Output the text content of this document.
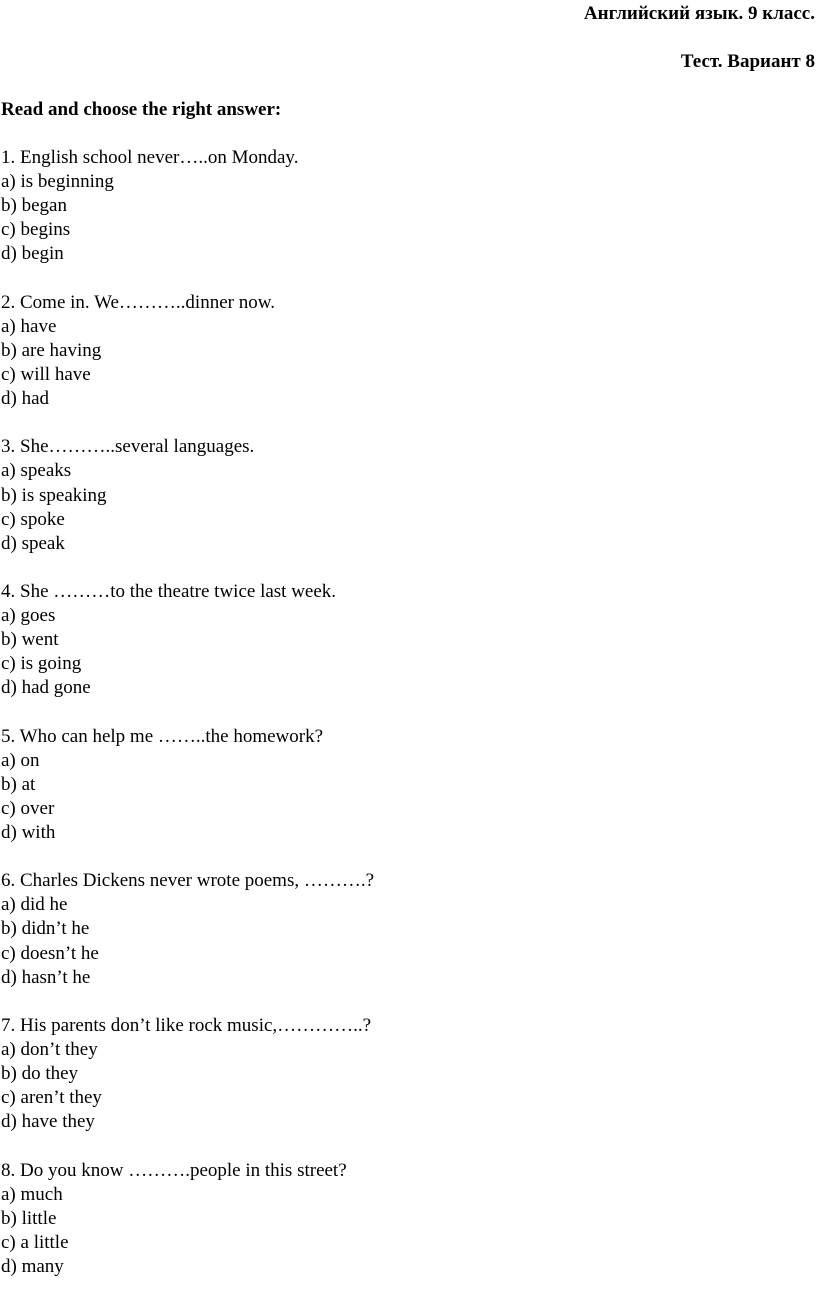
Английский язык. 9 класс.
Тест. Вариант 8
Read and choose the right answer:
1. English school never…..on Monday.
a) is beginning
b) began
c) begins
d) begin
2. Come in. We………..dinner now.
a) have
b) are having
c) will have
d) had
3. She………..several languages.
a) speaks
b) is speaking
c) spoke
d) speak
4. She ………to the theatre twice last week.
a) goes
b) went
c) is going
d) had gone
5. Who can help me ……..the homework?
a) on
b) at
c) over
d) with
6. Charles Dickens never wrote poems, ……….?
a) did he
b) didn’t he
c) doesn’t he
d) hasn’t he
7. His parents don’t like rock music,…………..?
a) don’t they
b) do they
c) aren’t they
d) have they
8. Do you know ……….people in this street?
a) much
b) little
c) a little
d) many
